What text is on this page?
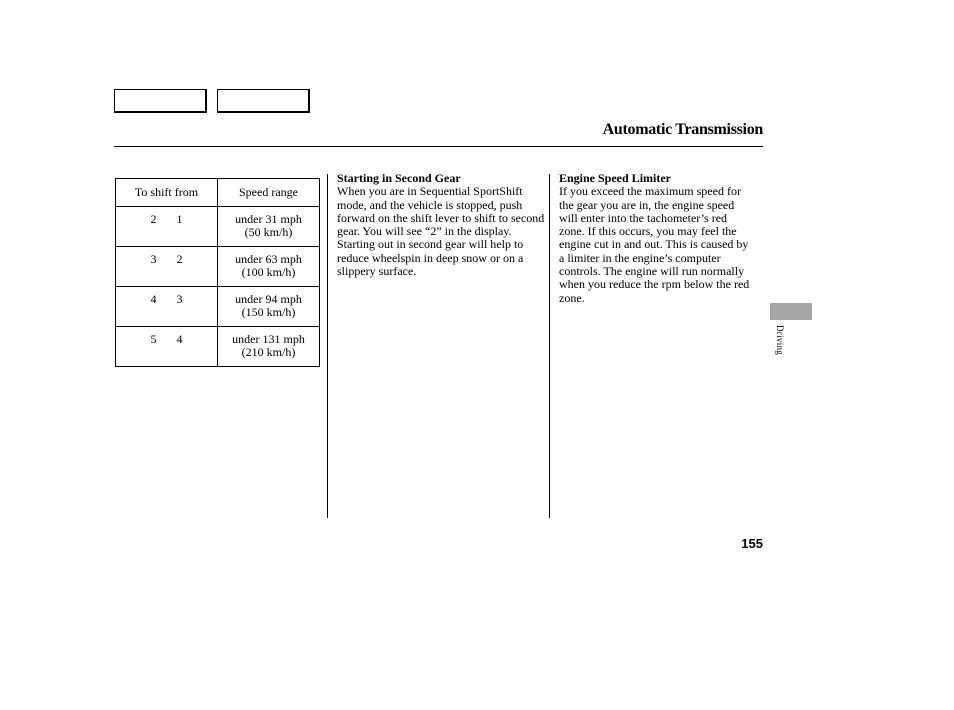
Automatic Transmission
To shift from	Speed range
2 1	under 31 mph
(50 km/h)

3 2	under 63 mph
(100 km/h)

4 3	under 94 mph
(150 km/h)

5 4	under 131 mph
(210 km/h)
Starting in Second Gear

When you are in Sequential SportShift mode, and the vehicle is stopped, push forward on the shift lever to shift to second gear. You will see “2” in the display. Starting out in second gear will help to reduce wheelspin in deep snow or on a slippery surface.

Engine Speed Limiter

If you exceed the maximum speed for the gear you are in, the engine speed will enter into the tachometer’s red zone. If this occurs, you may feel the engine cut in and out. This is caused by a limiter in the engine’s computer controls. The engine will run normally when you reduce the rpm below the red zone.

Driving
155
